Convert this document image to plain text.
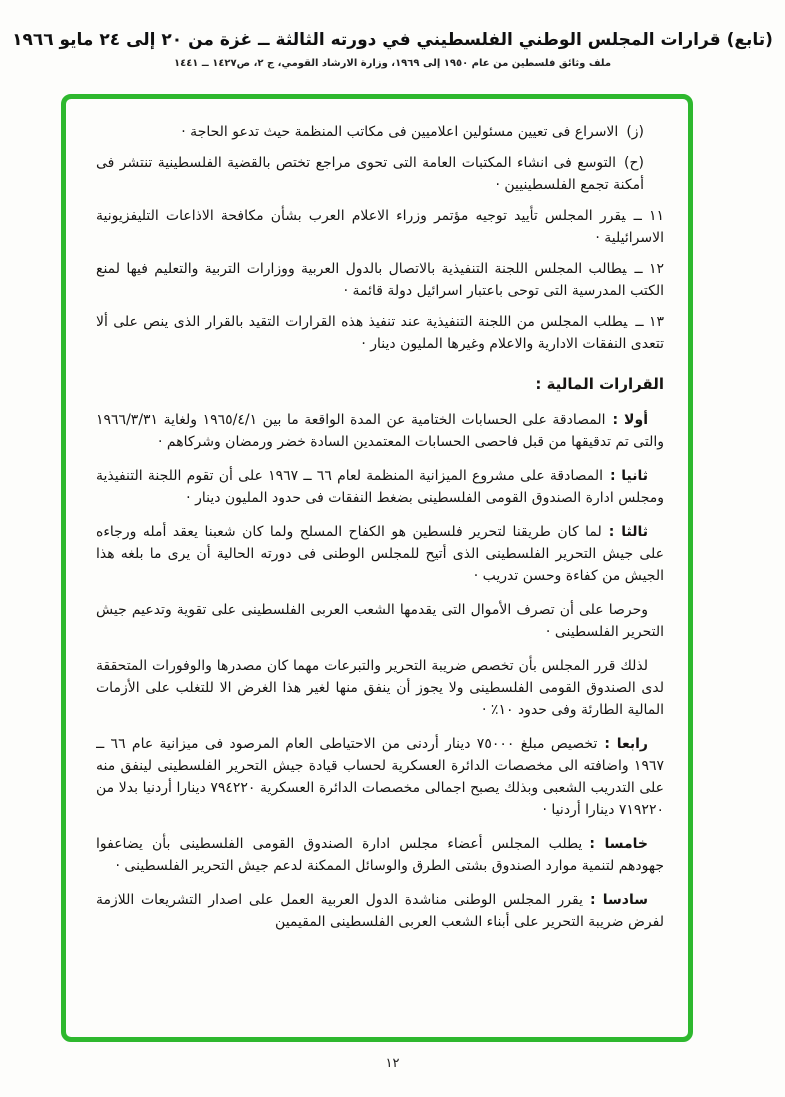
(تابع) قرارات المجلس الوطني الفلسطيني في دورته الثالثة ــ غزة من ٢٠ إلى ٢٤ مايو ١٩٦٦
ملف وثائق فلسطين من عام ١٩٥٠ إلى ١٩٦٩، وزارة الارشاد القومي، ج ٢، ص١٤٢٧ ــ ١٤٤١

(ز)الاسراع فى تعيين مسئولين اعلاميين فى مكاتب المنظمة حيث تدعو الحاجة ·

(ح)التوسع فى انشاء المكتبات العامة التى تحوى مراجع تختص بالقضية الفلسطينية تنتشر فى أمكنة تجمع الفلسطينيين ·

١١ ــيقرر المجلس تأييد توجيه مؤتمر وزراء الاعلام العرب بشأن مكافحة الاذاعات التليفزيونية الاسرائيلية ·

١٢ ــيطالب المجلس اللجنة التنفيذية بالاتصال بالدول العربية ووزارات التربية والتعليم فيها لمنع الكتب المدرسية التى توحى باعتبار اسرائيل دولة قائمة ·

١٣ ــيطلب المجلس من اللجنة التنفيذية عند تنفيذ هذه القرارات التقيد بالقرار الذى ينص على ألا تتعدى النفقات الادارية والاعلام وغيرها المليون دينار ·

القرارات المالية :

أولا :المصادقة على الحسابات الختامية عن المدة الواقعة ما بين ١٩٦٥/٤/١ ولغاية ١٩٦٦/٣/٣١ والتى تم تدقيقها من قبل فاحصى الحسابات المعتمدين السادة خضر ورمضان وشركاهم ·

ثانيا :المصادقة على مشروع الميزانية المنظمة لعام ٦٦ ــ ١٩٦٧ على أن تقوم اللجنة التنفيذية ومجلس ادارة الصندوق القومى الفلسطينى بضغط النفقات فى حدود المليون دينار ·

ثالثا :لما كان طريقنا لتحرير فلسطين هو الكفاح المسلح ولما كان شعبنا يعقد أمله ورجاءه على جيش التحرير الفلسطينى الذى أتيح للمجلس الوطنى فى دورته الحالية أن يرى ما بلغه هذا الجيش من كفاءة وحسن تدريب ·

وحرصا على أن تصرف الأموال التى يقدمها الشعب العربى الفلسطينى على تقوية وتدعيم جيش التحرير الفلسطينى ·

لذلك قرر المجلس بأن تخصص ضريبة التحرير والتبرعات مهما كان مصدرها والوفورات المتحققة لدى الصندوق القومى الفلسطينى ولا يجوز أن ينفق منها لغير هذا الغرض الا للتغلب على الأزمات المالية الطارئة وفى حدود ١٠٪ ·

رابعا :تخصيص مبلغ ٧٥٠٠٠ دينار أردنى من الاحتياطى العام المرصود فى ميزانية عام ٦٦ ــ ١٩٦٧ واضافته الى مخصصات الدائرة العسكرية لحساب قيادة جيش التحرير الفلسطينى لينفق منه على التدريب الشعبى وبذلك يصبح اجمالى مخصصات الدائرة العسكرية ٧٩٤٢٢٠ دينارا أردنيا بدلا من ٧١٩٢٢٠ دينارا أردنيا ·

خامسا :يطلب المجلس أعضاء مجلس ادارة الصندوق القومى الفلسطينى بأن يضاعفوا جهودهم لتنمية موارد الصندوق بشتى الطرق والوسائل الممكنة لدعم جيش التحرير الفلسطينى ·

سادسا :يقرر المجلس الوطنى مناشدة الدول العربية العمل على اصدار التشريعات اللازمة لفرض ضريبة التحرير على أبناء الشعب العربى الفلسطينى المقيمين

١٢
